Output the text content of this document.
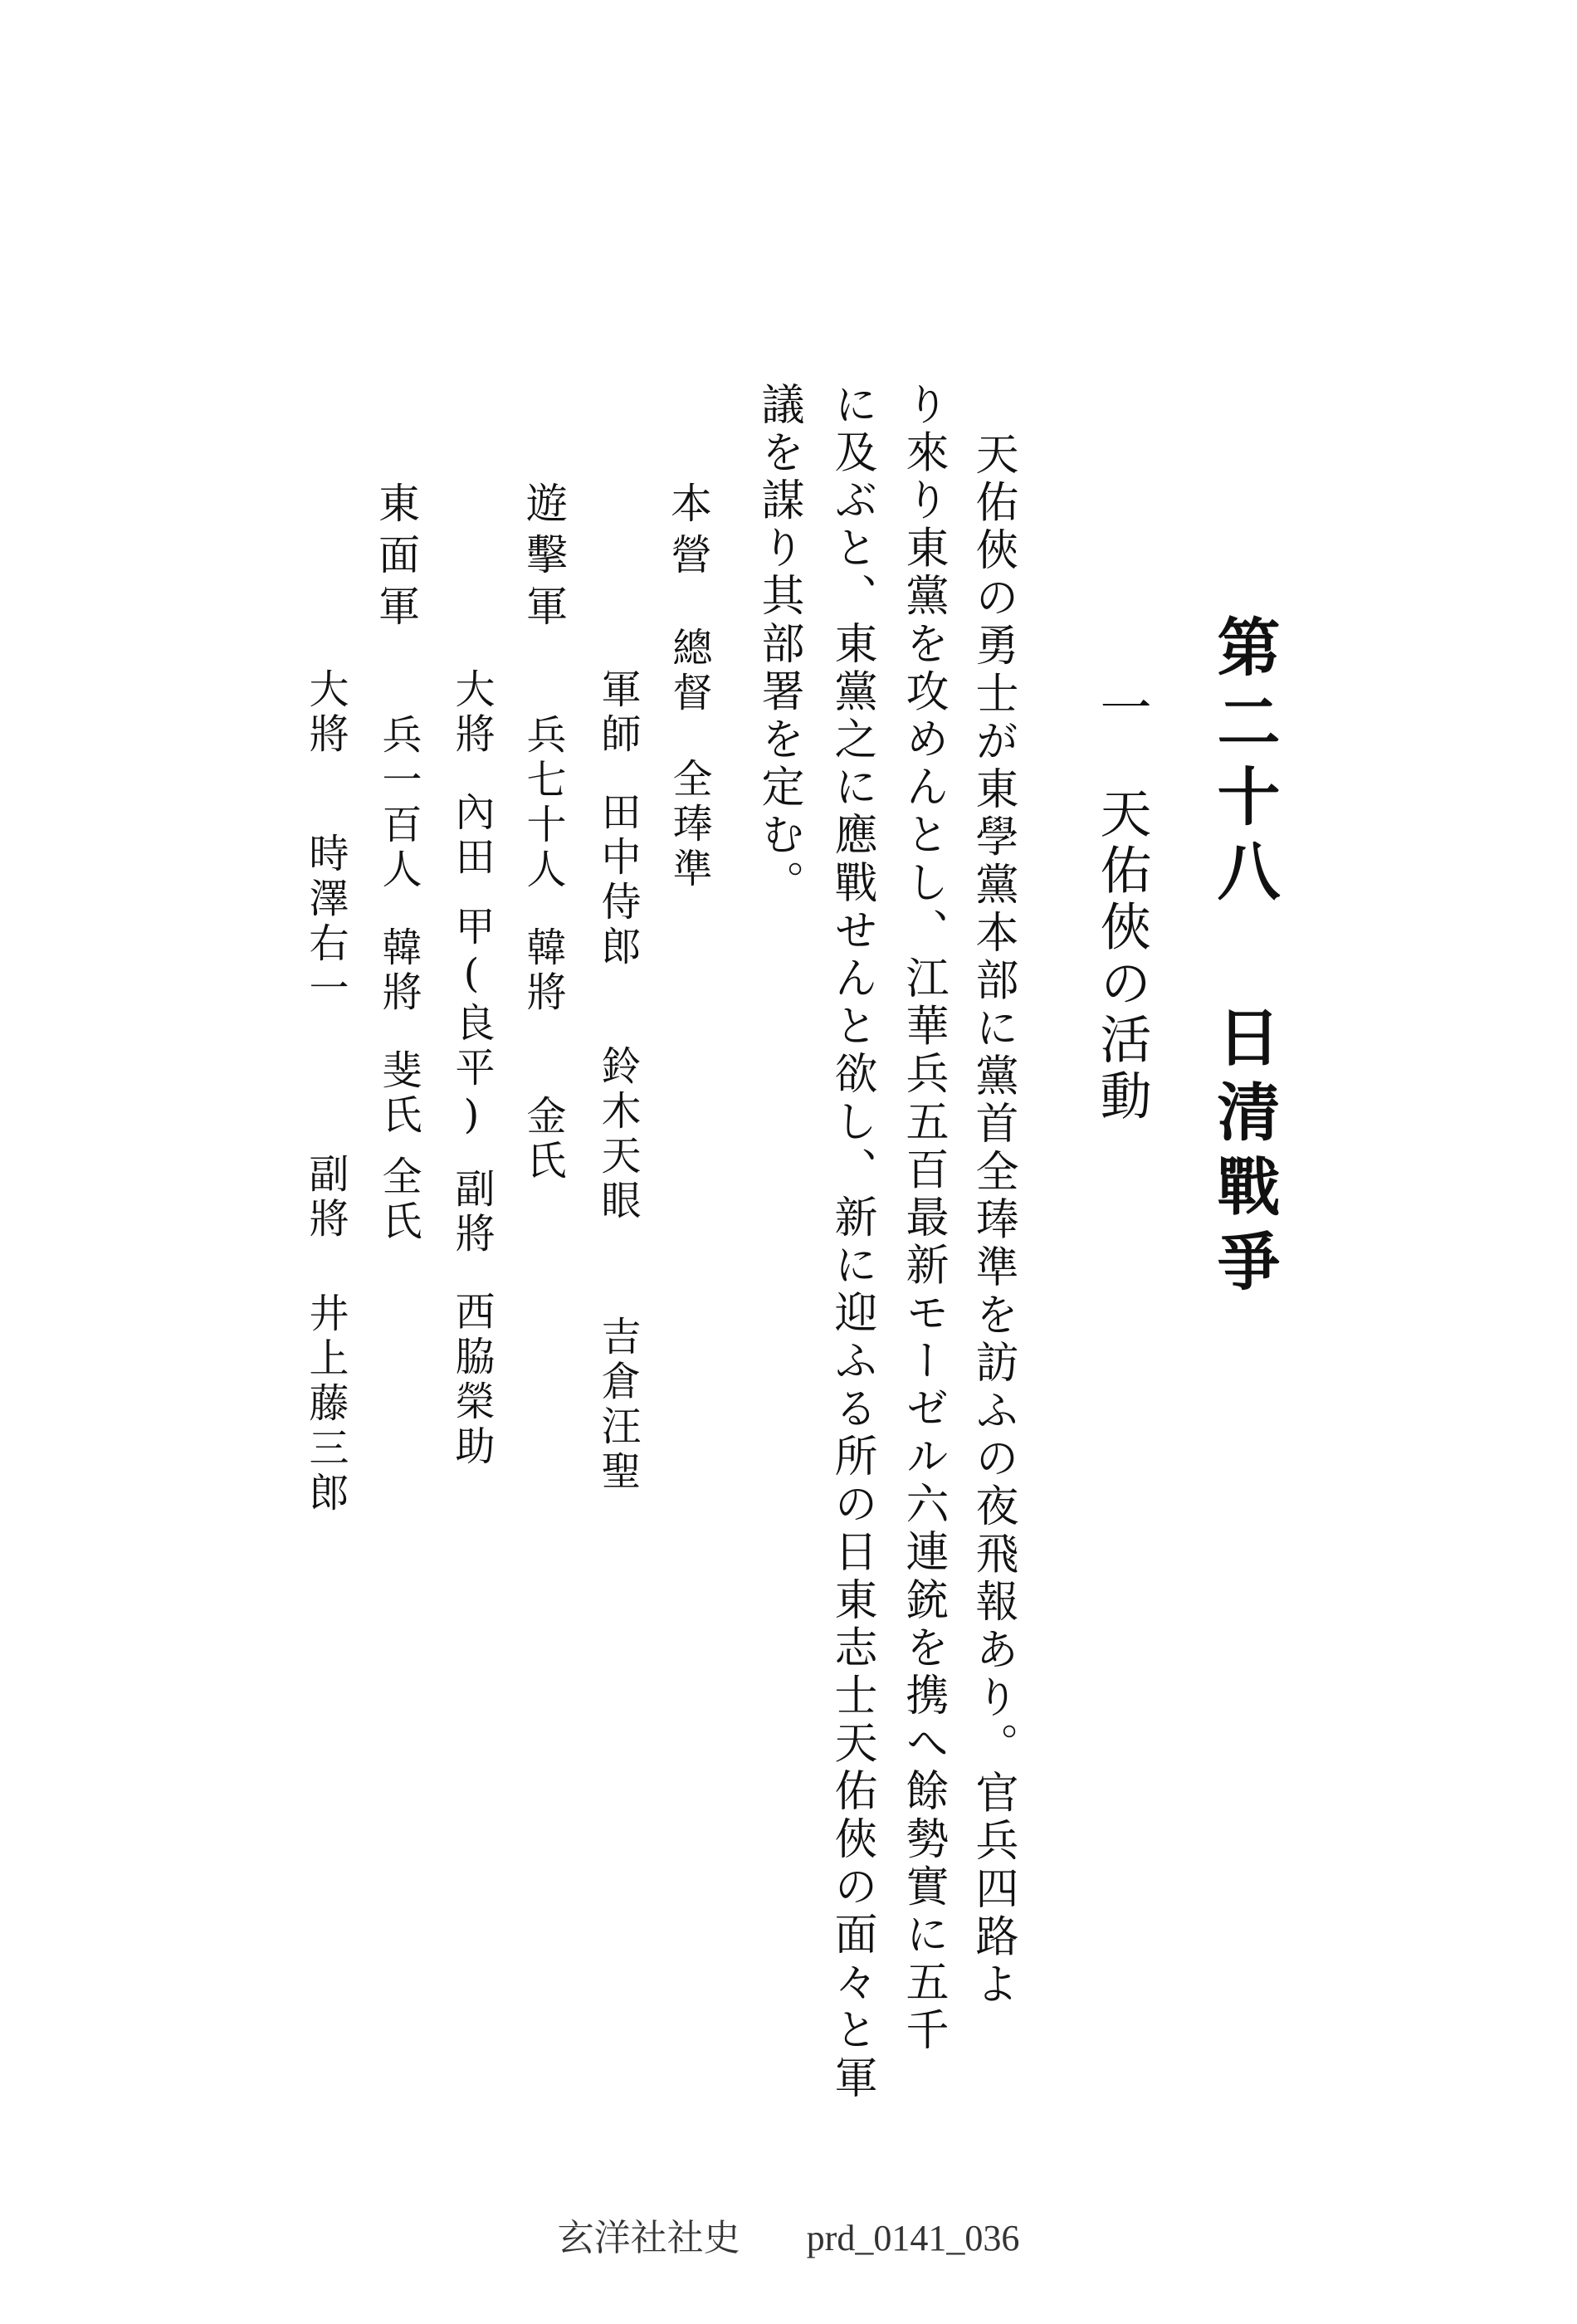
第二十八日清戰爭
一天佑俠の活動
天佑俠の勇士が東學黨本部に黨首全琫準を訪ふの夜飛報あり。官兵四路よ
り來り東黨を攻めんとし、江華兵五百最新モーゼル六連銃を携へ餘勢實に五千
に及ぶと、東黨之に應戰せんと欲し、新に迎ふる所の日東志士天佑俠の面々と軍
議を謀り其部署を定む。
本營
總督全琫準
軍師田中侍郎鈴木天眼吉倉汪聖
遊擊軍
兵七十人韓將金氏
大將內田甲(良平)副將西脇榮助
東面軍
兵一百人韓將斐氏全氏
大將時澤右一副將井上藤三郎
玄洋社社史 prd_0141_036
